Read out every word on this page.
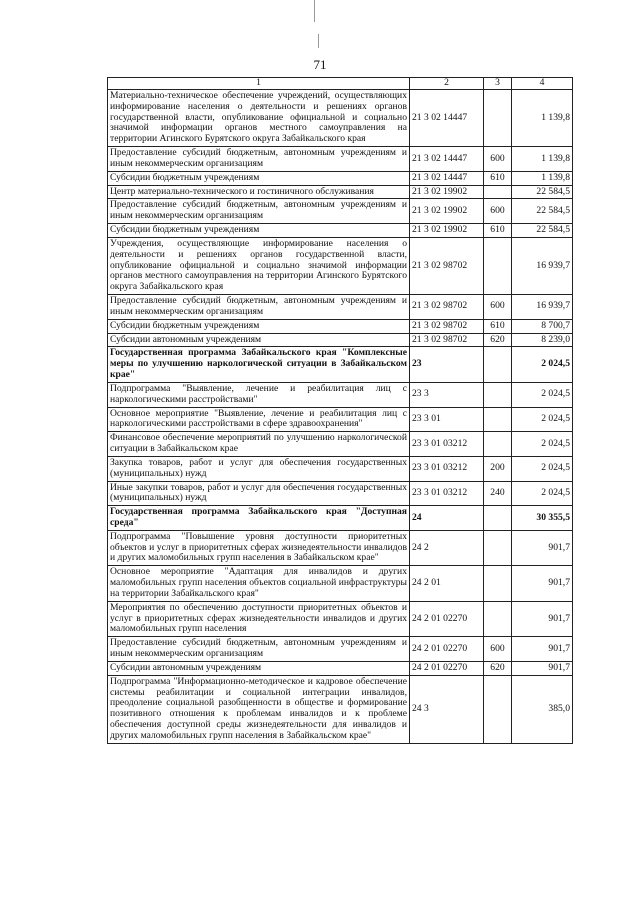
71
1	2	3	4
Материально-техническое обеспечение учреждений, осуществляющих информирование населения о деятельности и решениях органов государственной власти, опубликование официальной и социально значимой информации органов местного самоуправления на территории Агинского Бурятского округа Забайкальского края	21 3 02 14447		1 139,8
Предоставление субсидий бюджетным, автономным учреждениям и иным некоммерческим организациям	21 3 02 14447	600	1 139,8
Субсидии бюджетным учреждениям	21 3 02 14447	610	1 139,8
Центр материально-технического и гостиничного обслуживания	21 3 02 19902		22 584,5
Предоставление субсидий бюджетным, автономным учреждениям и иным некоммерческим организациям	21 3 02 19902	600	22 584,5
Субсидии бюджетным учреждениям	21 3 02 19902	610	22 584,5
Учреждения, осуществляющие информирование населения о деятельности и решениях органов государственной власти, опубликование официальной и социально значимой информации органов местного самоуправления на территории Агинского Бурятского округа Забайкальского края	21 3 02 98702		16 939,7
Предоставление субсидий бюджетным, автономным учреждениям и иным некоммерческим организациям	21 3 02 98702	600	16 939,7
Субсидии бюджетным учреждениям	21 3 02 98702	610	8 700,7
Субсидии автономным учреждениям	21 3 02 98702	620	8 239,0
Государственная программа Забайкальского края "Комплексные меры по улучшению наркологической ситуации в Забайкальском крае"	23		2 024,5
Подпрограмма "Выявление, лечение и реабилитация лиц с наркологическими расстройствами"	23 3		2 024,5
Основное мероприятие "Выявление, лечение и реабилитация лиц с наркологическими расстройствами в сфере здравоохранения"	23 3 01		2 024,5
Финансовое обеспечение мероприятий по улучшению наркологической ситуации в Забайкальском крае	23 3 01 03212		2 024,5
Закупка товаров, работ и услуг для обеспечения государственных (муниципальных) нужд	23 3 01 03212	200	2 024,5
Иные закупки товаров, работ и услуг для обеспечения государственных (муниципальных) нужд	23 3 01 03212	240	2 024,5
Государственная программа Забайкальского края "Доступная среда"	24		30 355,5
Подпрограмма "Повышение уровня доступности приоритетных объектов и услуг в приоритетных сферах жизнедеятельности инвалидов и других маломобильных групп населения в Забайкальском крае"	24 2		901,7
Основное мероприятие "Адаптация для инвалидов и других маломобильных групп населения объектов социальной инфраструктуры на территории Забайкальского края"	24 2 01		901,7
Мероприятия по обеспечению доступности приоритетных объектов и услуг в приоритетных сферах жизнедеятельности инвалидов и других маломобильных групп населения	24 2 01 02270		901,7
Предоставление субсидий бюджетным, автономным учреждениям и иным некоммерческим организациям	24 2 01 02270	600	901,7
Субсидии автономным учреждениям	24 2 01 02270	620	901,7
Подпрограмма "Информационно-методическое и кадровое обеспечение системы реабилитации и социальной интеграции инвалидов, преодоление социальной разобщенности в обществе и формирование позитивного отношения к проблемам инвалидов и к проблеме обеспечения доступной среды жизнедеятельности для инвалидов и других маломобильных групп населения в Забайкальском крае"	24 3		385,0
